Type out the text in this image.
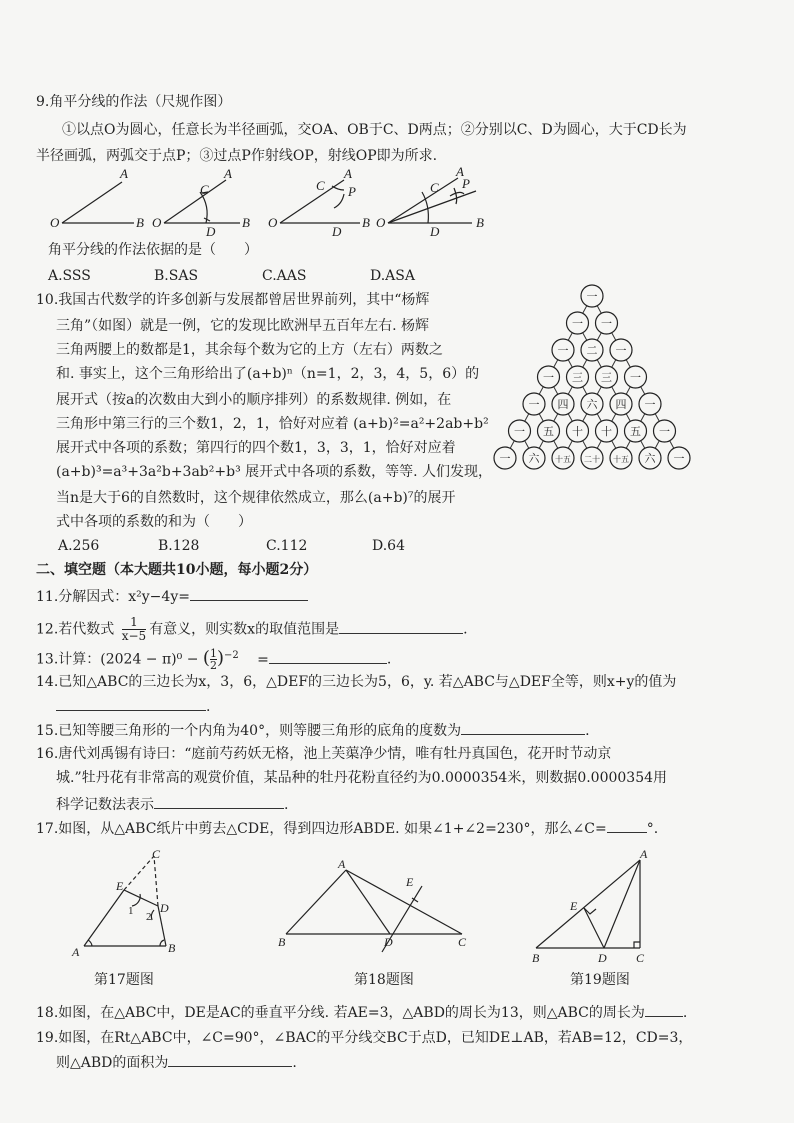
9.角平分线的作法（尺规作图）
①以点O为圆心，任意长为半径画弧，交OA、OB于C、D两点；②分别以C、D为圆心，大于CD长为
半径画弧，两弧交于点P；③过点P作射线OP，射线OP即为所求.
O
A
B O
A
C
B
D
O
A
C P
B
D
O
A
C P
B
D
角平分线的作法依据的是（　　）
A.SSS	B.SAS	C.AAS	D.ASA
10.我国古代数学的许多创新与发展都曾居世界前列，其中“杨辉
三角”（如图）就是一例，它的发现比欧洲早五百年左右. 杨辉
三角两腰上的数都是1，其余每个数为它的上方（左右）两数之
和. 事实上，这个三角形给出了(a+b)ⁿ（n=1，2，3，4，5，6）的
展开式（按a的次数由大到小的顺序排列）的系数规律. 例如，在
三角形中第三行的三个数1，2，1，恰好对应着 (a+b)²=a²+2ab+b²
展开式中各项的系数；第四行的四个数1，3，3，1，恰好对应着
(a+b)³=a³+3a²b+3ab²+b³ 展开式中各项的系数，等等. 人们发现，
当n是大于6的自然数时，这个规律依然成立，那么(a+b)⁷的展开
式中各项的系数的和为（　　）
A.256	B.128	C.112	D.64
一
一 一
一 二 一
一 三 三 一
一 四 六 四 一
一 五 十 十 五 一
一 六 十五 二十 十五 六 一
二、填空题（本大题共10小题，每小题2分）
11.分解因式：x²y−4y=
12.若代数式 $\frac{1}{x-5}$ 有意义，则实数x的取值范围是	.
13.计算：(2024 − π)⁰ − ( $\frac{1}{2} )^{-2}$ =	.
14.已知△ABC的三边长为x，3，6，△DEF的三边长为5，6，y. 若△ABC与△DEF全等，则x+y的值为
.
15.已知等腰三角形的一个内角为40°，则等腰三角形的底角的度数为	.
16.唐代刘禹锡有诗曰：“庭前芍药妖无格，池上芙蕖净少情，唯有牡丹真国色，花开时节动京
城.”牡丹花有非常高的观赏价值，某品种的牡丹花粉直径约为0.0000354米，则数据0.0000354用
科学记数法表示	.
17.如图，从△ABC纸片中剪去△CDE，得到四边形ABDE. 如果∠1+∠2=230°，那么∠C=	°.
C
E
D
1 2
A	B
第17题图
A
B	C
D
E
第18题图
A
B	C
D
E
第19题图
18.如图，在△ABC中，DE是AC的垂直平分线. 若AE=3，△ABD的周长为13，则△ABC的周长为	.
19.如图，在Rt△ABC中，∠C=90°，∠BAC的平分线交BC于点D，已知DE⊥AB，若AB=12，CD=3，
则△ABD的面积为	.
